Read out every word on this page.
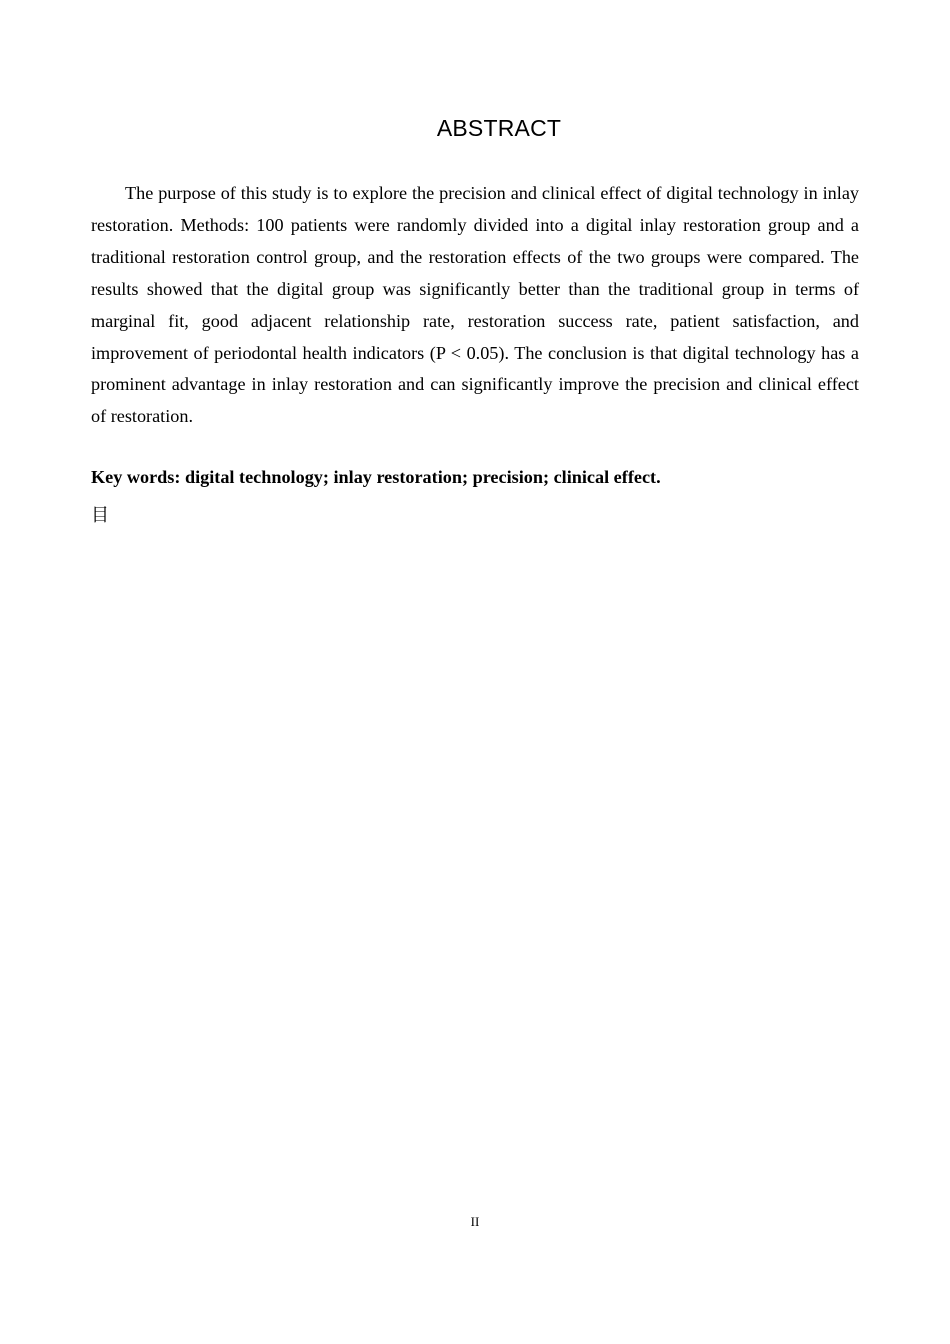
ABSTRACT

The purpose of this study is to explore the precision and clinical effect of digital technology in inlay restoration. Methods: 100 patients were randomly divided into a digital inlay restoration group and a traditional restoration control group, and the restoration effects of the two groups were compared. The results showed that the digital group was significantly better than the traditional group in terms of marginal fit, good adjacent relationship rate, restoration success rate, patient satisfaction, and improvement of periodontal health indicators (P < 0.05). The conclusion is that digital technology has a prominent advantage in inlay restoration and can significantly improve the precision and clinical effect of restoration.

Key words: digital technology; inlay restoration; precision; clinical effect.

目

II
